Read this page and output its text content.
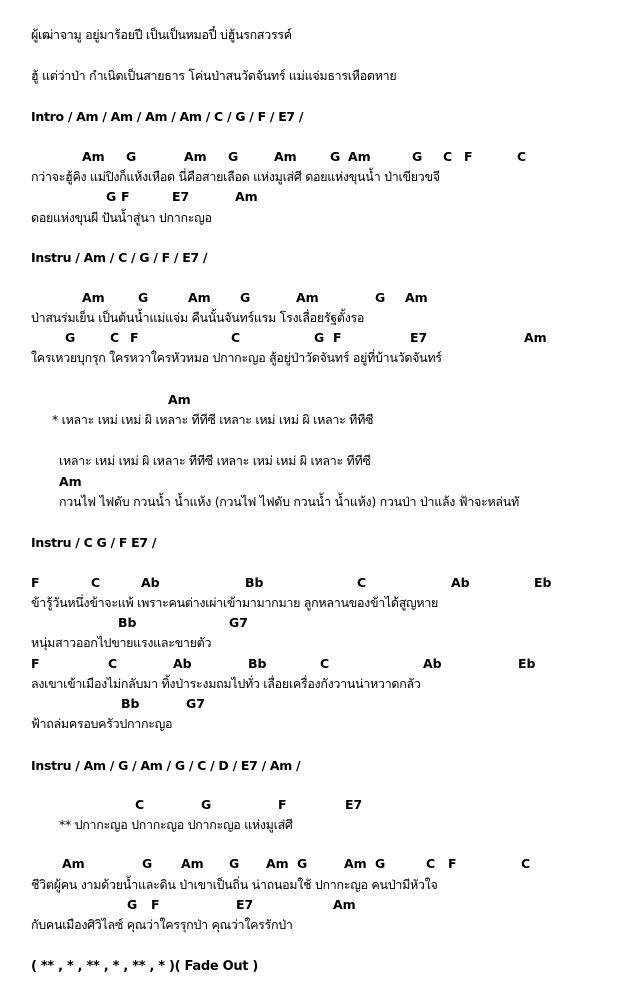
ผู้เฒ่าจามู อยู่มาร้อยปี เป็นเป็นหมอปี๋ บ่ฮู้นรกสวรรค์
ฮู้ แต่ว่าป่า กำเนิดเป็นสายธาร โค่นป่าสนวัดจันทร์ แม่แจ่มธารเหือดหาย
Intro / Am / Am / Am / Am / C / G / F / E7 /
Am G	Am G	Am	G Am	G C F	C
กว่าจะฮู้คิง แม่ปิงก็แห้งเหือด นี่คือสายเลือด แห่งมูเส่ศี ดอยแห่งขุนน้ำ ป่าเขียวขจี
G F	E7	Am
ดอยแห่งขุนผี ปันน้ำสู่นา ปกากะญอ
Instru / Am / C / G / F / E7 /
Am	G	Am G	Am	G Am
ป่าสนร่มเย็น เป็นต้นน้ำแม่แจ่ม คืนนั้นจันทร์แรม โรงเลื่อยรัฐตั้งรอ
G	C F	C	G F	E7	Am
ใครเหวยบุกรุก ใครหวาใครหัวหมอ ปกากะญอ สู้อยู่ป่าวัดจันทร์ อยู่ที่บ้านวัดจันทร์
Am
* เหลาะ เหม่ เหม่ ผิ เหลาะ ทีทีซี เหลาะ เหม่ เหม่ ผิ เหลาะ ทีทีซี
เหลาะ เหม่ เหม่ ผิ เหลาะ ทีทีซี เหลาะ เหม่ เหม่ ผิ เหลาะ ทีทีซี
Am
กวนไฟ ไฟดับ กวนน้ำ น้ำแห้ง (กวนไฟ ไฟดับ กวนน้ำ น้ำแห้ง) กวนป่า ป่าแล้ง ฟ้าจะหล่นทั
Instru / C G / F E7 /
F	C	Ab	Bb	C	Ab	Eb
ข้ารู้วันหนึ่งข้าจะแพ้ เพราะคนต่างเผ่าเข้ามามากมาย ลูกหลานของข้าได้สูญหาย
Bb	G7
หนุ่มสาวออกไปขายแรงและขายตัว
F	C	Ab	Bb	C	Ab	Eb
ลงเขาเข้าเมืองไม่กลับมา ทิ้งป่าระงมถมไปทั่ว เลื่อยเครื่องกังวานน่าหวาดกลัว
Bb	G7
ฟ้าถล่มครอบครัวปกากะญอ
Instru / Am / G / Am / G / C / D / E7 / Am /
C	G	F	E7
** ปกากะญอ ปกากะญอ ปกากะญอ แห่งมูเส่ศี
Am	G Am G Am G	Am G	C F	C
ชีวิตผู้คน งามด้วยน้ำและดิน ป่าเขาเป็นถิ่น น่าถนอมใช้ ปกากะญอ คนป่ามีหัวใจ
G F	E7	Am
กับคนเมืองศิวิไลซ์ คุณว่าใครรุกป่า คุณว่าใครรักป่า
( ** , * , ** , * , ** , * )( Fade Out )
